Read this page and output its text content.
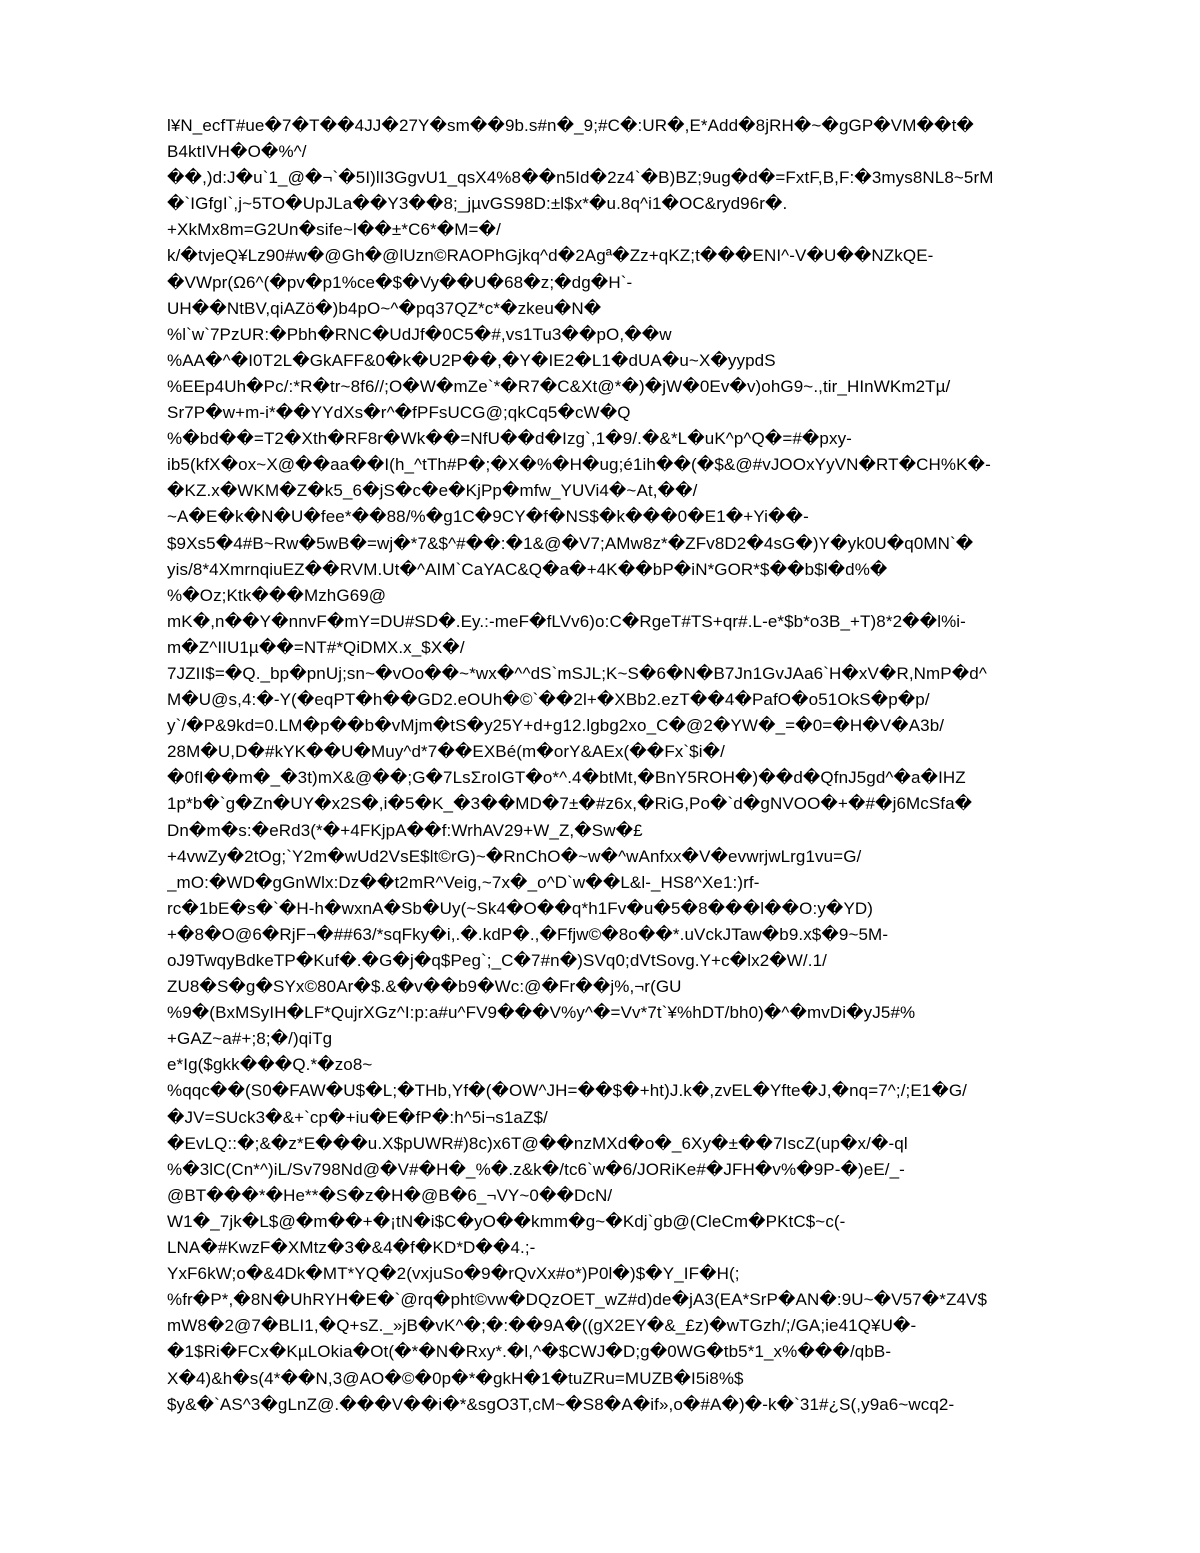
l¥N_ecfT#ue�7�T��4JJ�27Y�sm��9b.s#n�_9;#C�:UR�,E*Add�8jRH�~�gGP�VM��t�
B4ktIVH�O�%^/
��,)d:J�u`1_@�¬`�5I)lI3GgvU1_qsX4%8��n5Id�2z4`�B)BZ;9ug�d�=FxtF,B,F:�3mys8NL8~5rM
�`IGfgI`,j~5TO�UpJLa��Y3��8;_jµvGS98D:±l$x*�u.8q^i1�OC&ryd96r�.
+XkMx8m=G2Un�sife~l��±*C6*�M=�/
k/�tvjeQ¥Lz90#w�@Gh�@lUzn©RAOPhGjkq^d�2Agª�Zz+qKZ;t���ENI^-V�U��NZkQE-
�VWpr(Ω6^(�pv�p1%ce�$�Vy��U�68�z;�dg�H`-
UH��NtBV,qiAZö�)b4pO~^�pq37QZ*c*�zkeu�N�
%l`w`7PzUR:�Pbh�RNC�UdJf�0C5�#,vs1Tu3��pO,��w
%AA�^�I0T2L�GkAFF&0�k�U2P��,�Y�IE2�L1�dUA�u~X�yypdS
%EEp4Uh�Pc/:*R�tr~8f6//;O�W�mZe`*�R7�C&Xt@*�)�jW�0Ev�v)ohG9~.,tir_HInWKm2Tµ/
Sr7P�w+m-i*��YYdXs�r^�fPFsUCG@;qkCq5�cW�Q
%�bd��=T2�Xth�RF8r�Wk��=NfU��d�Izg`,1�9/.�&*L�uK^p^Q�=#�pxy-
ib5(kfX�ox~X@��aa��I(h_^tTh#P�;�X�%�H�ug;é1ih��(�$&@#vJOOxYyVN�RT�CH%K�-
�KZ.x�WKM�Z�k5_6�jS�c�e�KjPp�mfw_YUVi4�~At,��/
~A�E�k�N�U�fee*��88/%�g1C�9CY�f�NS$�k���0�E1�+Yi��-
$9Xs5�4#B~Rw�5wB�=wj�*7&$^#��:�1&@�V7;AMw8z*�ZFv8D2�4sG�)Y�yk0U�q0MN`�
yis/8*4XmrnqiuEZ��RVM.Ut�^AIM`CaYAC&Q�a�+4K��bP�iN*GOR*$��b$l�d%�
%�Oz;Ktk���MzhG69@
mK�,n��Y�nnvF�mY=DU#SD�.Ey.:-meF�fLVv6)o:C�RgeT#TS+qr#.L-e*$b*o3B_+T)8*2��l%i-
m�Z^IIU1µ��=NT#*QiDMX.x_$X�/
7JZII$=�Q._bp�pnUj;sn~�vOo��~*wx�^^dS`mSJL;K~S�6�N�B7Jn1GvJAa6`H�xV�R,NmP�d^
M�U@s,4:�-Y(�eqPT�h��GD2.eOUh�©`��2l+�XBb2.ezT��4�PafO�o51OkS�p�p/
y`/�P&9kd=0.LM�p��b�vMjm�tS�y25Y+d+g12.lgbg2xo_C�@2�YW�_=�0=�H�V�A3b/
28M�U,D�#kYK��U�Muy^d*7��EXBé(m�orY&AEx(��Fx`$i�/
�0fI��m�_�3t)mX&@��;G�7LsΣroIGT�o*^.4�btMt,�BnY5ROH�)��d�QfnJ5gd^�a�IHZ
1p*b�`g�Zn�UY�x2S�,i�5�K_�3��MD�7±�#z6x,�RiG,Po�`d�gNVOO�+�#�j6McSfa�
Dn�m�s:�eRd3(*�+4FKjpA��f:WrhAV29+W_Z,�Sw�£
+4vwZy�2tOg;`Y2m�wUd2VsE$lt©rG)~�RnChO�~w�^wAnfxx�V�evwrjwLrg1vu=G/
_mO:�WD�gGnWlx:Dz��t2mR^Veig,~7x�_o^D`w��L&l-_HS8^Xe1:)rf-
rc�1bE�s�`�H-h�wxnA�Sb�Uy(~Sk4�O��q*h1Fv�u�5�8���l��O:y�YD)
+�8�O@6�RjF¬�##63/*sqFky�i,.�.kdP�.,�Ffjw©�8o��*.uVckJTaw�b9.x$�9~5M-
oJ9TwqyBdkeTP�Kuf�.�G�j�q$Peg`;_C�7#n�)SVq0;dVtSovg.Y+c�lx2�W/.1/
ZU8�S�g�SYx©80Ar�$.&�v��b9�Wc:@�Fr��j%,¬r(GU
%9�(BxMSyIH�LF*QujrXGz^I:p:a#u^FV9���V%y^�=Vv*7t`¥%hDT/bh0)�^�mvDi�yJ5#%
+GAZ~a#+;8;�/)qiTg
e*Ig($gkk���Q.*�zo8~
%qqc��(S0�FAW�U$�L;�THb,Yf�(�OW^JH=��$�+ht)J.k�,zvEL�Yfte�J,�nq=7^;/;E1�G/
�JV=SUck3�&+`cp�+iu�E�fP�:h^5i¬s1aZ$/
�EvLQ::�;&�z*E���u.X$pUWR#)8c)x6T@��nzMXd�o�_6Xy�±��7IscZ(up�x/�-ql
%�3lC(Cn*^)iL/Sv798Nd@�V#�H�_%�.z&k�/tc6`w�6/JORiKe#�JFH�v%�9P-�)eE/_-
@BT���*�He**�S�z�H�@B�6_¬VY~0��DcN/
W1�_7jk�L$@�m��+�¡tN�i$C�yO��kmm�g~�Kdj`gb@(CleCm�PKtC$~c(-
LNA�#KwzF�XMtz�3�&4�f�KD*D��4.;-
YxF6kW;o�&4Dk�MT*YQ�2(vxjuSo�9�rQvXx#o*)P0l�)$�Y_IF�H(;
%fr�P*,�8N�UhRYH�E�`@rq�pht©vw�DQzOET_wZ#d)de�jA3(EA*SrP�AN�:9U~�V57�*Z4V$
mW8�2@7�BLI1,�Q+sZ._»jB�vK^�;�:��9A�((gX2EY�&_£z)�wTGzh/;/GA;ie41Q¥U�-
�1$Ri�FCx�KµLOkia�Ot(�*�N�Rxy*.�l,^�$CWJ�D;g�0WG�tb5*1_x%���/qbB-
X�4)&h�s(4*��N,3@AO�©�0p�*�gkH�1�tuZRu=MUZB�I5i8%$
$y&�`AS^3�gLnZ@.���V��i�*&sgO3T,cM~�S8�A�if»,o�#A�)�-k�`31#¿S(,y9a6~wcq2-
